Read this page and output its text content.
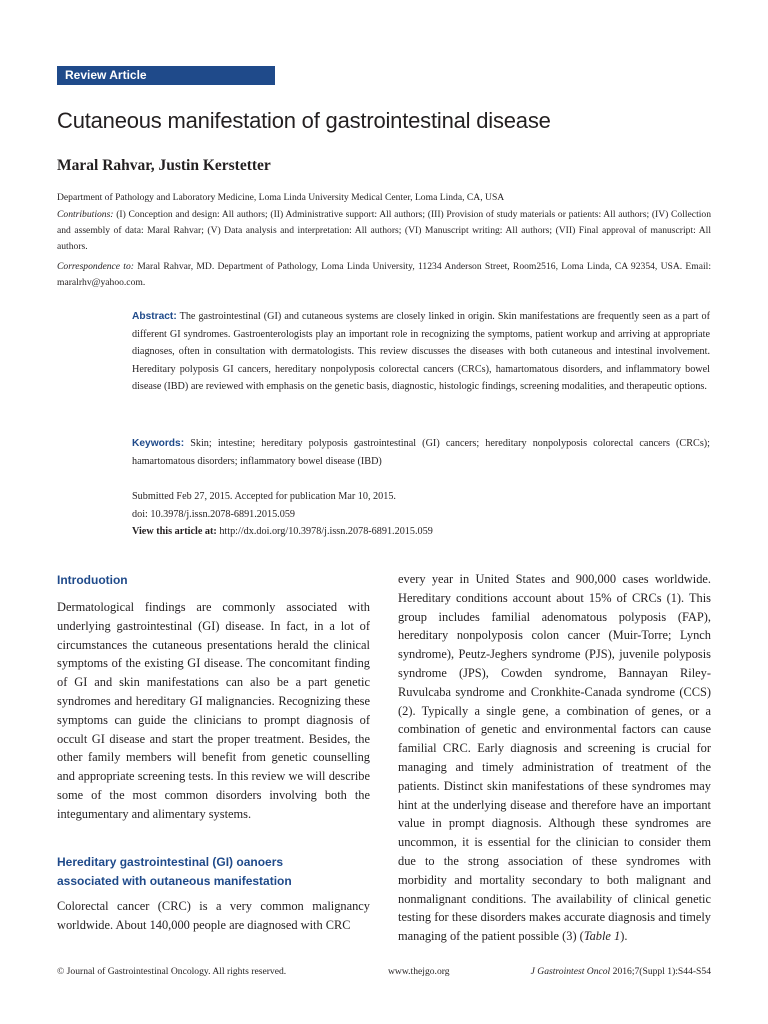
Review Article
Cutaneous manifestation of gastrointestinal disease
Maral Rahvar, Justin Kerstetter
Department of Pathology and Laboratory Medicine, Loma Linda University Medical Center, Loma Linda, CA, USA
Contributions: (I) Conception and design: All authors; (II) Administrative support: All authors; (III) Provision of study materials or patients: All authors; (IV) Collection and assembly of data: Maral Rahvar; (V) Data analysis and interpretation: All authors; (VI) Manuscript writing: All authors; (VII) Final approval of manuscript: All authors.
Correspondence to: Maral Rahvar, MD. Department of Pathology, Loma Linda University, 11234 Anderson Street, Room2516, Loma Linda, CA 92354, USA. Email: maralrhv@yahoo.com.
Abstract: The gastrointestinal (GI) and cutaneous systems are closely linked in origin. Skin manifestations are frequently seen as a part of different GI syndromes. Gastroenterologists play an important role in recognizing the symptoms, patient workup and arriving at appropriate diagnoses, often in consultation with dermatologists. This review discusses the diseases with both cutaneous and intestinal involvement. Hereditary polyposis GI cancers, hereditary nonpolyposis colorectal cancers (CRCs), hamartomatous disorders, and inflammatory bowel disease (IBD) are reviewed with emphasis on the genetic basis, diagnostic, histologic findings, screening modalities, and therapeutic options.
Keywords: Skin; intestine; hereditary polyposis gastrointestinal (GI) cancers; hereditary nonpolyposis colorectal cancers (CRCs); hamartomatous disorders; inflammatory bowel disease (IBD)
Submitted Feb 27, 2015. Accepted for publication Mar 10, 2015.
doi: 10.3978/j.issn.2078-6891.2015.059
View this article at: http://dx.doi.org/10.3978/j.issn.2078-6891.2015.059
Introduotion
Dermatological findings are commonly associated with underlying gastrointestinal (GI) disease. In fact, in a lot of circumstances the cutaneous presentations herald the clinical symptoms of the existing GI disease. The concomitant finding of GI and skin manifestations can also be a part genetic syndromes and hereditary GI malignancies. Recognizing these symptoms can guide the clinicians to prompt diagnosis of occult GI disease and start the proper treatment. Besides, the other family members will benefit from genetic counselling and appropriate screening tests. In this review we will describe some of the most common disorders involving both the integumentary and alimentary systems.
Hereditary gastrointestinal (GI) oanoers
associated with outaneous manifestation
Colorectal cancer (CRC) is a very common malignancy worldwide. About 140,000 people are diagnosed with CRC
every year in United States and 900,000 cases worldwide. Hereditary conditions account about 15% of CRCs (1). This group includes familial adenomatous polyposis (FAP), hereditary nonpolyposis colon cancer (Muir-Torre; Lynch syndrome), Peutz-Jeghers syndrome (PJS), juvenile polyposis syndrome (JPS), Cowden syndrome, Bannayan Riley-Ruvulcaba syndrome and Cronkhite-Canada syndrome (CCS) (2). Typically a single gene, a combination of genes, or a combination of genetic and environmental factors can cause familial CRC. Early diagnosis and screening is crucial for managing and timely administration of treatment of the patients. Distinct skin manifestations of these syndromes may hint at the underlying disease and therefore have an important value in prompt diagnosis. Although these syndromes are uncommon, it is essential for the clinician to consider them due to the strong association of these syndromes with morbidity and mortality secondary to both malignant and nonmalignant conditions. The availability of clinical genetic testing for these disorders makes accurate diagnosis and timely managing of the patient possible (3) (Table 1).
© Journal of Gastrointestinal Oncology. All rights reserved.	www.thejgo.org	J Gastrointest Oncol 2016;7(Suppl 1):S44-S54
